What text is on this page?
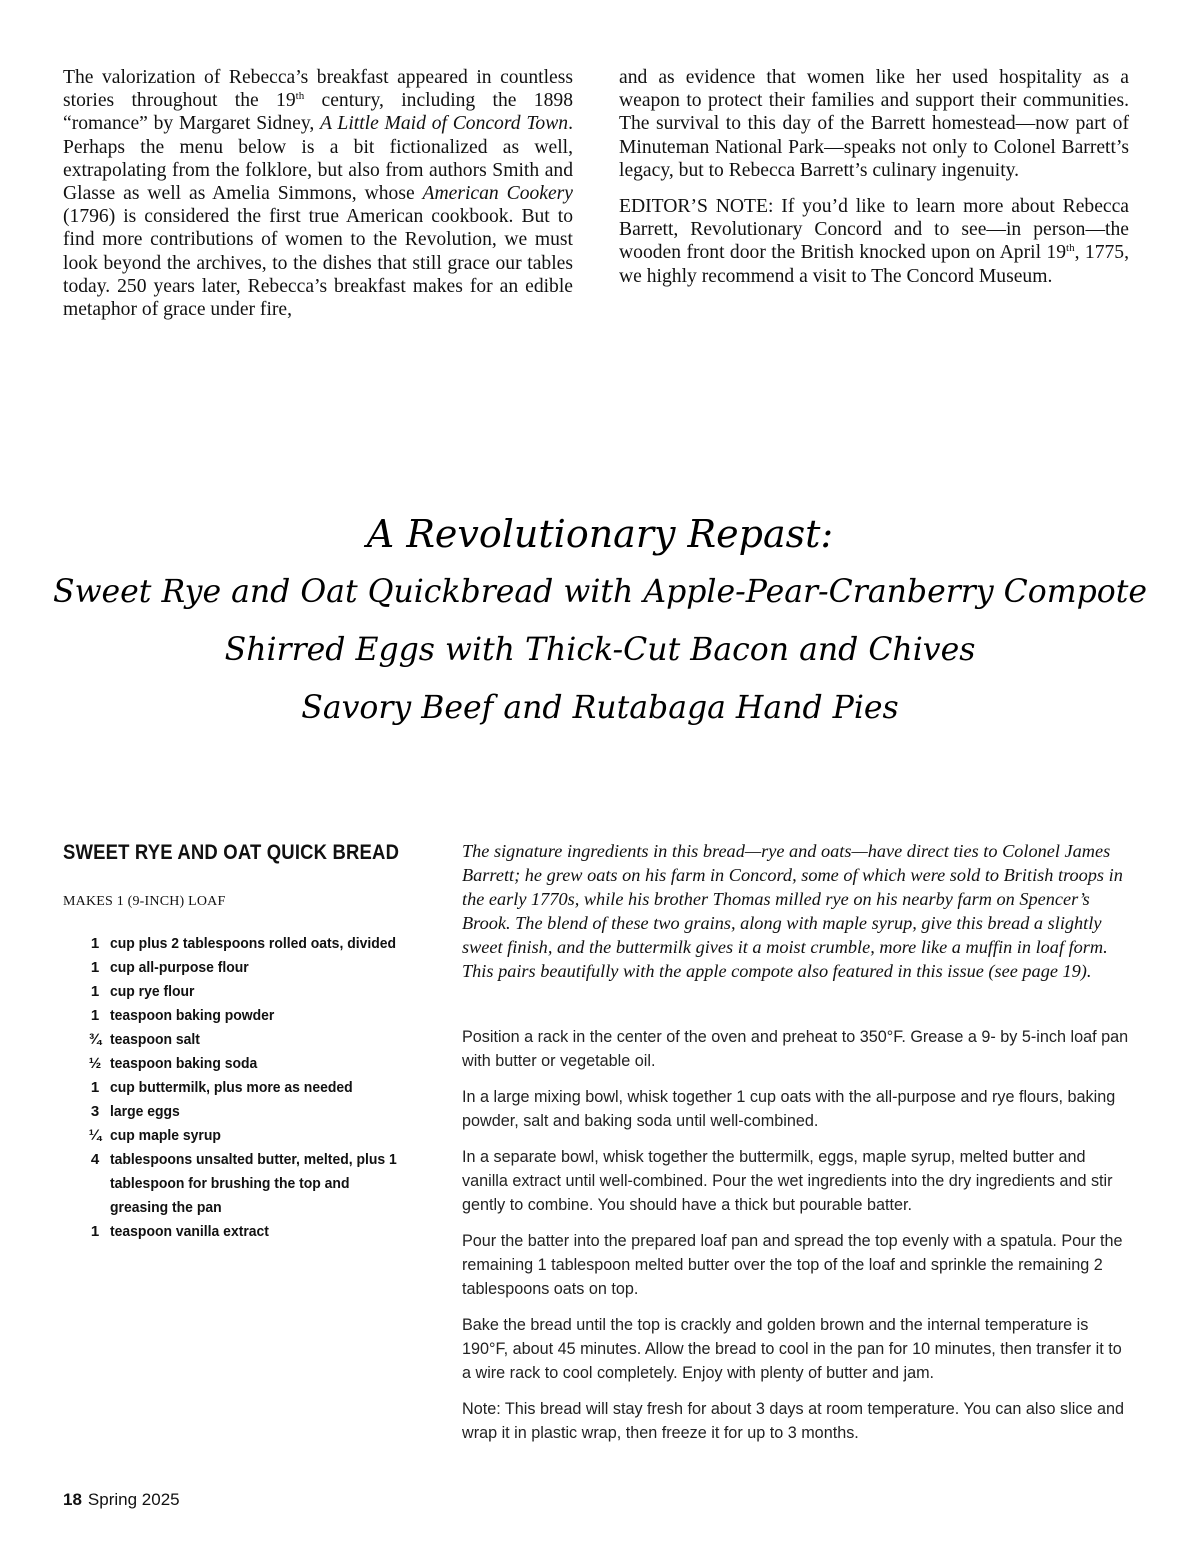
The valorization of Rebecca’s breakfast appeared in countless stories throughout the 19th century, including the 1898 “romance” by Margaret Sidney, A Little Maid of Concord Town. Perhaps the menu below is a bit fictionalized as well, extrapolating from the folklore, but also from authors Smith and Glasse as well as Amelia Simmons, whose American Cookery (1796) is considered the first true American cookbook. But to find more contributions of women to the Revolution, we must look beyond the archives, to the dishes that still grace our tables today. 250 years later, Rebecca’s breakfast makes for an edible metaphor of grace under fire,

and as evidence that women like her used hospitality as a weapon to protect their families and support their communities. The survival to this day of the Barrett homestead—now part of Minuteman National Park—speaks not only to Colonel Barrett’s legacy, but to Rebecca Barrett’s culinary ingenuity.

EDITOR’S NOTE: If you’d like to learn more about Rebecca Barrett, Revolutionary Concord and to see—in person—the wooden front door the British knocked upon on April 19th, 1775, we highly recommend a visit to The Concord Museum.

A Revolutionary Repast:
Sweet Rye and Oat Quickbread with Apple-Pear-Cranberry Compote
Shirred Eggs with Thick-Cut Bacon and Chives
Savory Beef and Rutabaga Hand Pies
SWEET RYE AND OAT QUICK BREAD
MAKES 1 (9-INCH) LOAF
1 cup plus 2 tablespoons rolled oats, divided
1 cup all-purpose flour
1 cup rye flour
1 teaspoon baking powder
¾ teaspoon salt
½ teaspoon baking soda
1 cup buttermilk, plus more as needed
3 large eggs
¼ cup maple syrup
4 tablespoons unsalted butter, melted, plus 1 tablespoon for brushing the top and greasing the pan
1 teaspoon vanilla extract

The signature ingredients in this bread—rye and oats—have direct ties to Colonel James Barrett; he grew oats on his farm in Concord, some of which were sold to British troops in the early 1770s, while his brother Thomas milled rye on his nearby farm on Spencer’s Brook. The blend of these two grains, along with maple syrup, give this bread a slightly sweet finish, and the buttermilk gives it a moist crumble, more like a muffin in loaf form. This pairs beautifully with the apple compote also featured in this issue (see page 19).

Position a rack in the center of the oven and preheat to 350°F. Grease a 9- by 5-inch loaf pan with butter or vegetable oil.

In a large mixing bowl, whisk together 1 cup oats with the all-purpose and rye flours, baking powder, salt and baking soda until well-combined.

In a separate bowl, whisk together the buttermilk, eggs, maple syrup, melted butter and vanilla extract until well-combined. Pour the wet ingredients into the dry ingredients and stir gently to combine. You should have a thick but pourable batter.

Pour the batter into the prepared loaf pan and spread the top evenly with a spatula. Pour the remaining 1 tablespoon melted butter over the top of the loaf and sprinkle the remaining 2 tablespoons oats on top.

Bake the bread until the top is crackly and golden brown and the internal temperature is 190°F, about 45 minutes. Allow the bread to cool in the pan for 10 minutes, then transfer it to a wire rack to cool completely. Enjoy with plenty of butter and jam.

Note: This bread will stay fresh for about 3 days at room temperature. You can also slice and wrap it in plastic wrap, then freeze it for up to 3 months.

18 Spring 2025
